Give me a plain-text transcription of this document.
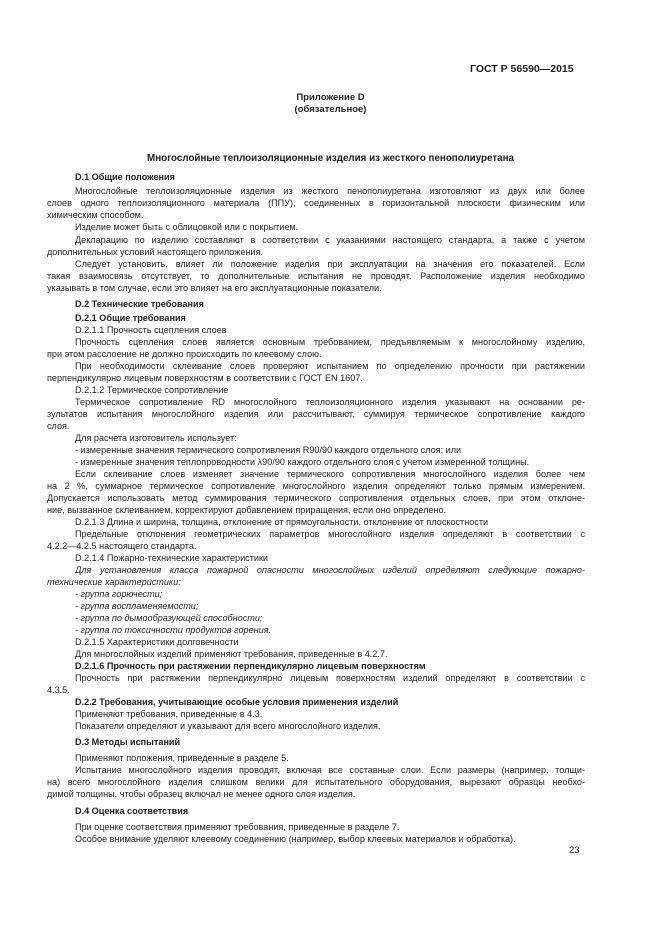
ГОСТ Р 56590—2015
Приложение D
(обязательное)
Многослойные теплоизоляционные изделия из жесткого пенополиуретана
D.1 Общие положения
Многослойные теплоизоляционные изделия из жесткого пенополиуретана изготовляют из двух или более
слоев одного теплоизоляционного материала (ППУ), соединенных в горизонтальной плоскости физическим или
химическим способом.
Изделие может быть с облицовкой или с покрытием.
Декларацию по изделию составляют в соответствии с указаниями настоящего стандарта, а также с учетом
дополнительных условий настоящего приложения.
Следует установить, влияет ли положение изделия при эксплуатации на значения его показателей. Если
такая взаимосвязь отсутствует, то дополнительные испытания не проводят. Расположение изделия необходимо
указывать в том случае, если это влияет на его эксплуатационные показатели.
D.2 Технические требования
D.2.1 Общие требования
D.2.1.1 Прочность сцепления слоев
Прочность сцепления слоев является основным требованием, предъявляемым к многослойному изделию,
при этом расслоение не должно происходить по клеевому слою.
При необходимости склеивание слоев проверяют испытанием по определению прочности при растяжении
перпендикулярно лицевым поверхностям в соответствии с ГОСТ EN 1607.
D.2.1.2 Термическое сопротивление
Термическое сопротивление RD многослойного теплоизоляционного изделия указывают на основании ре-
зультатов испытания многослойного изделия или рассчитывают, суммируя термическое сопротивление каждого
слоя.
Для расчета изготовитель использует:
- измеренные значения термического сопротивления R90/90 каждого отдельного слоя; или
- измеренные значения теплопроводности λ90/90 каждого отдельного слоя с учетом измеренной толщины.
Если склеивание слоев изменяет значение термического сопротивления многослойного изделия более чем
на 2 %, суммарное термическое сопротивление многослойного изделия определяют только прямым измерением.
Допускается использовать метод суммирования термического сопротивления отдельных слоев, при этом отклоне-
ние, вызванное склеиванием, корректируют добавлением приращения, если оно определено.
D.2.1.3 Длина и ширина, толщина, отклонение от прямоугольности, отклонение от плоскостности
Предельные отклонения геометрических параметров многослойного изделия определяют в соответствии с
4.2.2—4.2.5 настоящего стандарта.
D.2.1.4 Пожарно-технические характеристики
Для установления класса пожарной опасности многослойных изделий определяют следующие пожарно-
технические характеристики:
- группа горючести;
- группа воспламеняемости;
- группа по дымообразующей способности;
- группа по токсичности продуктов горения.
D.2.1.5 Характеристики долговечности
Для многослойных изделий применяют требования, приведенные в 4.2.7.
D.2.1.6 Прочность при растяжении перпендикулярно лицевым поверхностям
Прочность при растяжении перпендикулярно лицевым поверхностям изделий определяют в соответствии с
4.3.5.
D.2.2 Требования, учитывающие особые условия применения изделий
Применяют требования, приведенные в 4.3.
Показатели определяют и указывают для всего многослойного изделия.
D.3 Методы испытаний
Применяют положения, приведенные в разделе 5.
Испытание многослойного изделия проводят, включая все составные слои. Если размеры (например, толщи-
на) всего многослойного изделия слишком велики для испытательного оборудования, вырезают образцы необхо-
димой толщины, чтобы образец включал не менее одного слоя изделия.
D.4 Оценка соответствия
При оценке соответствия применяют требования, приведенные в разделе 7.
Особое внимание уделяют клеевому соединению (например, выбор клеевых материалов и обработка).
23
